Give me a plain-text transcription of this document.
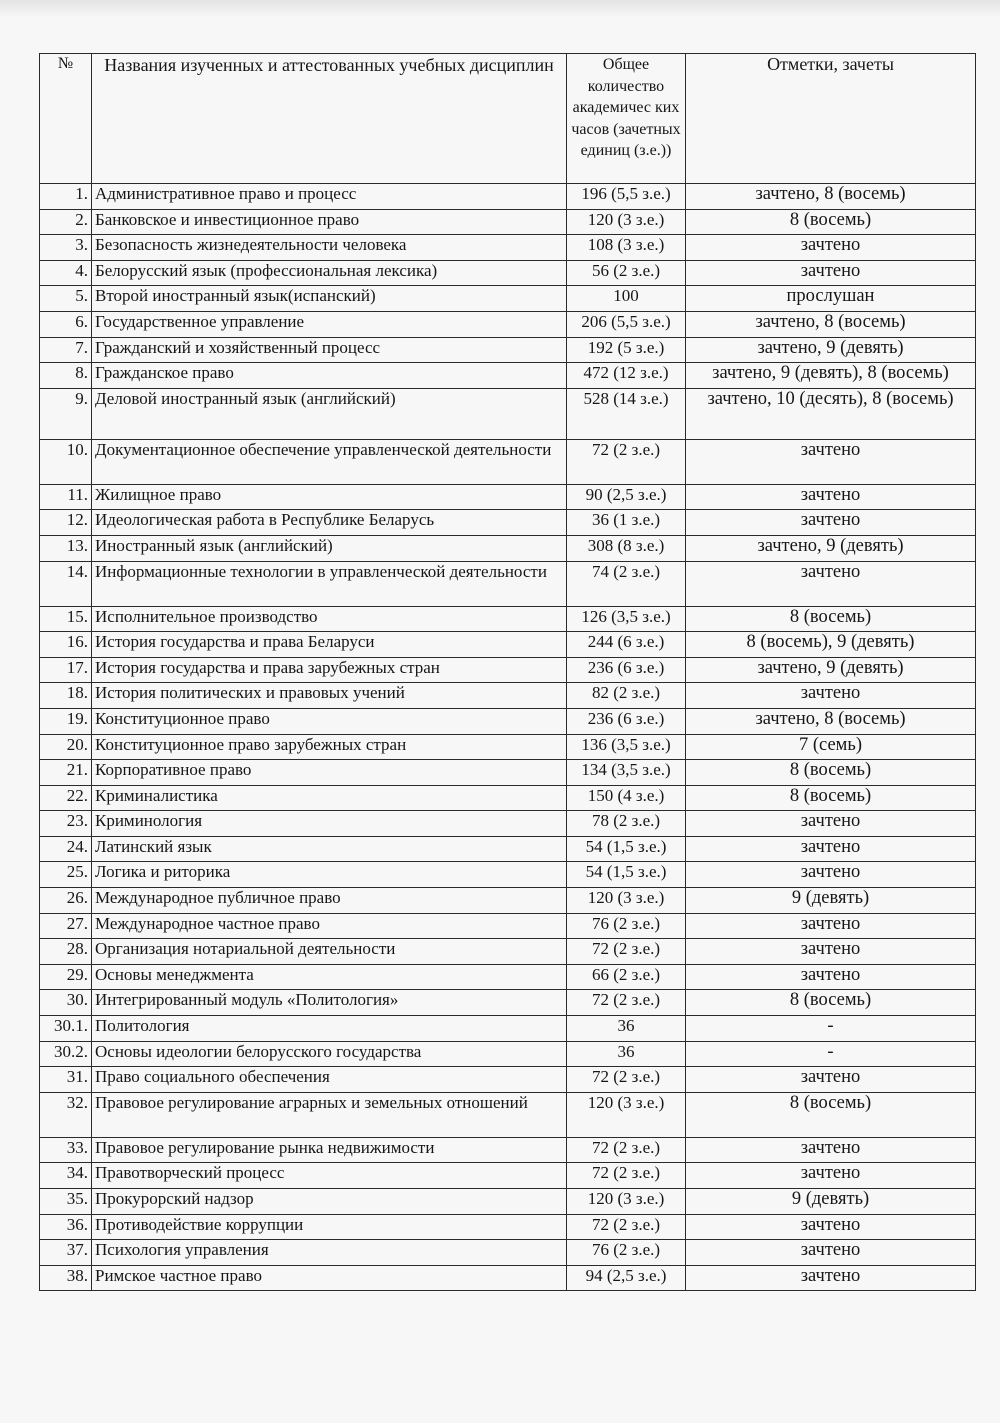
№	Названия изученных и аттестованных учебных дисциплин	Общее количество академичес ких часов (зачетных единиц (з.е.))	Отметки, зачеты
1.	Административное право и процесс	196 (5,5 з.е.)	зачтено, 8 (восемь)
2.	Банковское и инвестиционное право	120 (3 з.е.)	8 (восемь)
3.	Безопасность жизнедеятельности человека	108 (3 з.е.)	зачтено
4.	Белорусский язык (профессиональная лексика)	56 (2 з.е.)	зачтено
5.	Второй иностранный язык(испанский)	100	прослушан
6.	Государственное управление	206 (5,5 з.е.)	зачтено, 8 (восемь)
7.	Гражданский и хозяйственный процесс	192 (5 з.е.)	зачтено, 9 (девять)
8.	Гражданское право	472 (12 з.е.)	зачтено, 9 (девять), 8 (восемь)
9.	Деловой иностранный язык (английский)	528 (14 з.е.)	зачтено, 10 (десять), 8 (восемь)
10.	Документационное обеспечение управленческой деятельности	72 (2 з.е.)	зачтено
11.	Жилищное право	90 (2,5 з.е.)	зачтено
12.	Идеологическая работа в Республике Беларусь	36 (1 з.е.)	зачтено
13.	Иностранный язык (английский)	308 (8 з.е.)	зачтено, 9 (девять)
14.	Информационные технологии в управленческой деятельности	74 (2 з.е.)	зачтено
15.	Исполнительное производство	126 (3,5 з.е.)	8 (восемь)
16.	История государства и права Беларуси	244 (6 з.е.)	8 (восемь), 9 (девять)
17.	История государства и права зарубежных стран	236 (6 з.е.)	зачтено, 9 (девять)
18.	История политических и правовых учений	82 (2 з.е.)	зачтено
19.	Конституционное право	236 (6 з.е.)	зачтено, 8 (восемь)
20.	Конституционное право зарубежных стран	136 (3,5 з.е.)	7 (семь)
21.	Корпоративное право	134 (3,5 з.е.)	8 (восемь)
22.	Криминалистика	150 (4 з.е.)	8 (восемь)
23.	Криминология	78 (2 з.е.)	зачтено
24.	Латинский язык	54 (1,5 з.е.)	зачтено
25.	Логика и риторика	54 (1,5 з.е.)	зачтено
26.	Международное публичное право	120 (3 з.е.)	9 (девять)
27.	Международное частное право	76 (2 з.е.)	зачтено
28.	Организация нотариальной деятельности	72 (2 з.е.)	зачтено
29.	Основы менеджмента	66 (2 з.е.)	зачтено
30.	Интегрированный модуль «Политология»	72 (2 з.е.)	8 (восемь)
30.1.	Политология	36	-
30.2.	Основы идеологии белорусского государства	36	-
31.	Право социального обеспечения	72 (2 з.е.)	зачтено
32.	Правовое регулирование аграрных и земельных отношений	120 (3 з.е.)	8 (восемь)
33.	Правовое регулирование рынка недвижимости	72 (2 з.е.)	зачтено
34.	Правотворческий процесс	72 (2 з.е.)	зачтено
35.	Прокурорский надзор	120 (3 з.е.)	9 (девять)
36.	Противодействие коррупции	72 (2 з.е.)	зачтено
37.	Психология управления	76 (2 з.е.)	зачтено
38.	Римское частное право	94 (2,5 з.е.)	зачтено
